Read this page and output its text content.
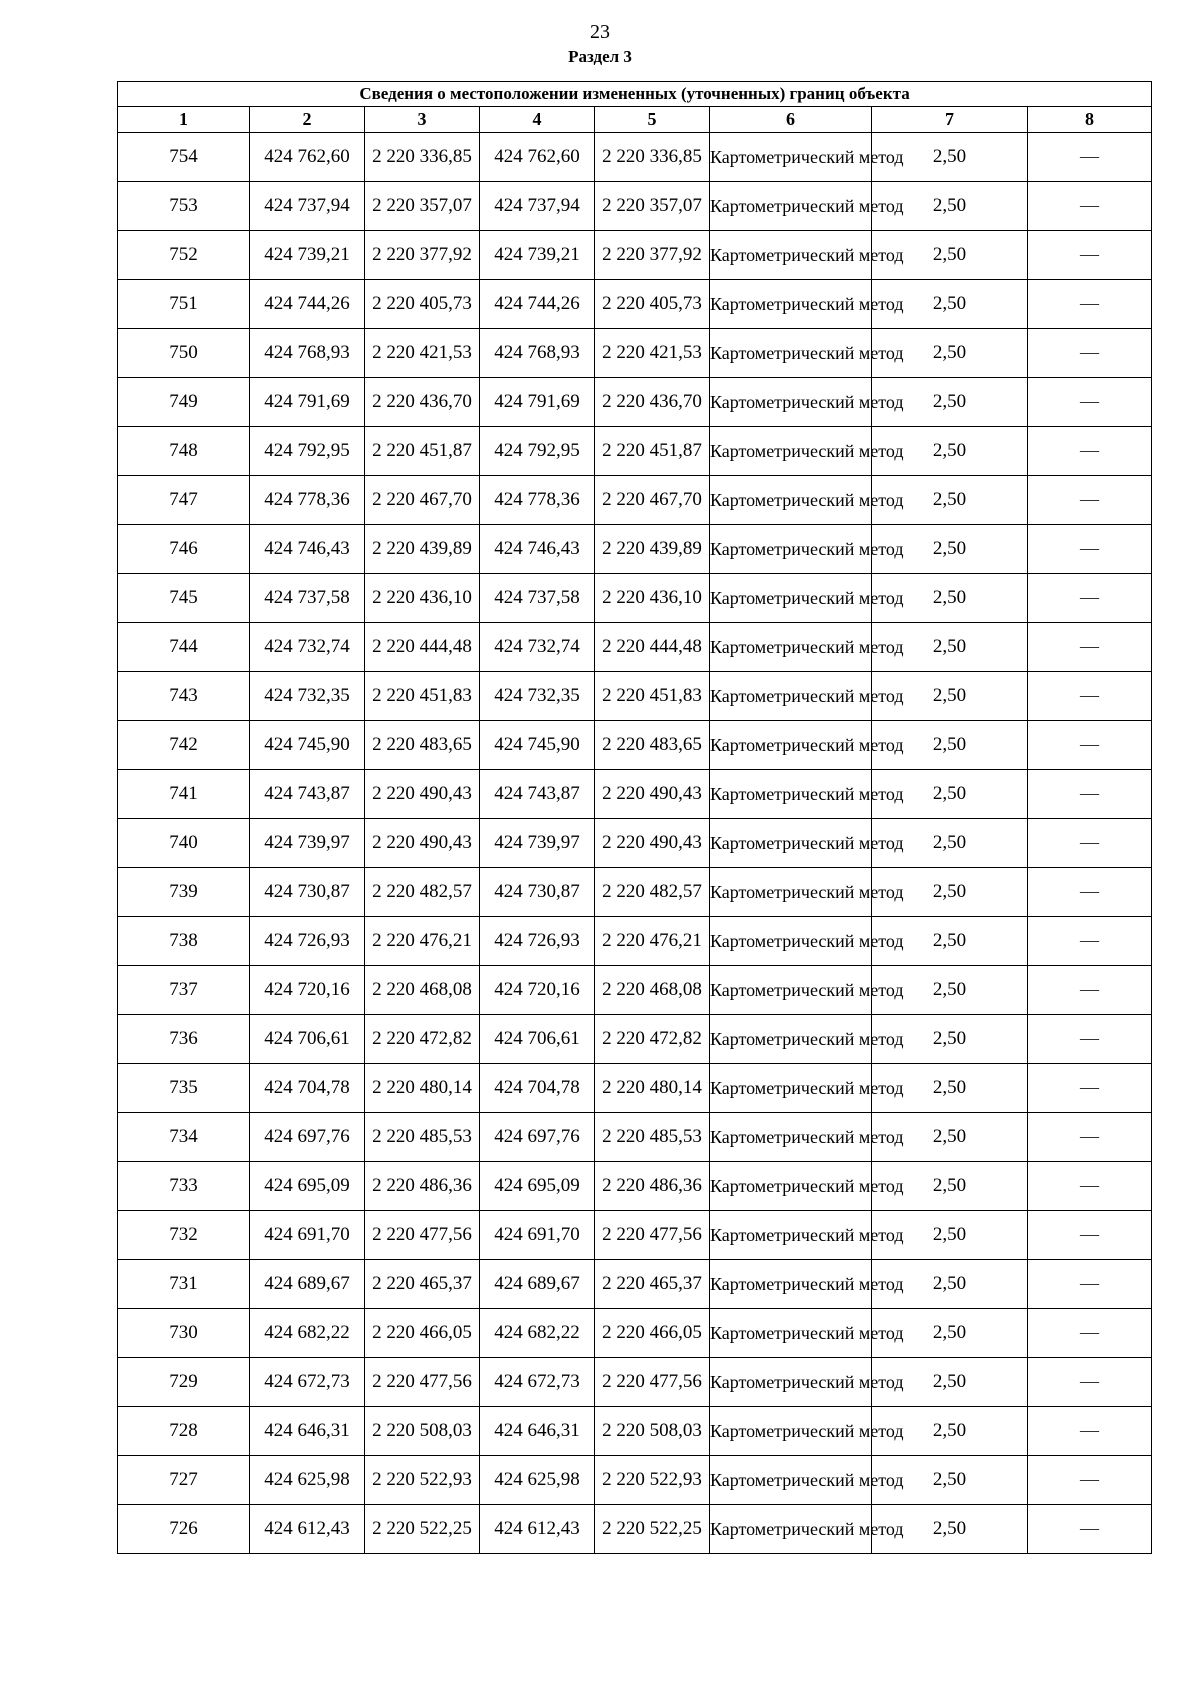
23
Раздел 3
Сведения о местоположении измененных (уточненных) границ объекта							
1	2	3	4	5	6	7	8
754	424 762,60	2 220 336,85	424 762,60	2 220 336,85	Картометрический метод	2,50	—
753	424 737,94	2 220 357,07	424 737,94	2 220 357,07	Картометрический метод	2,50	—
752	424 739,21	2 220 377,92	424 739,21	2 220 377,92	Картометрический метод	2,50	—
751	424 744,26	2 220 405,73	424 744,26	2 220 405,73	Картометрический метод	2,50	—
750	424 768,93	2 220 421,53	424 768,93	2 220 421,53	Картометрический метод	2,50	—
749	424 791,69	2 220 436,70	424 791,69	2 220 436,70	Картометрический метод	2,50	—
748	424 792,95	2 220 451,87	424 792,95	2 220 451,87	Картометрический метод	2,50	—
747	424 778,36	2 220 467,70	424 778,36	2 220 467,70	Картометрический метод	2,50	—
746	424 746,43	2 220 439,89	424 746,43	2 220 439,89	Картометрический метод	2,50	—
745	424 737,58	2 220 436,10	424 737,58	2 220 436,10	Картометрический метод	2,50	—
744	424 732,74	2 220 444,48	424 732,74	2 220 444,48	Картометрический метод	2,50	—
743	424 732,35	2 220 451,83	424 732,35	2 220 451,83	Картометрический метод	2,50	—
742	424 745,90	2 220 483,65	424 745,90	2 220 483,65	Картометрический метод	2,50	—
741	424 743,87	2 220 490,43	424 743,87	2 220 490,43	Картометрический метод	2,50	—
740	424 739,97	2 220 490,43	424 739,97	2 220 490,43	Картометрический метод	2,50	—
739	424 730,87	2 220 482,57	424 730,87	2 220 482,57	Картометрический метод	2,50	—
738	424 726,93	2 220 476,21	424 726,93	2 220 476,21	Картометрический метод	2,50	—
737	424 720,16	2 220 468,08	424 720,16	2 220 468,08	Картометрический метод	2,50	—
736	424 706,61	2 220 472,82	424 706,61	2 220 472,82	Картометрический метод	2,50	—
735	424 704,78	2 220 480,14	424 704,78	2 220 480,14	Картометрический метод	2,50	—
734	424 697,76	2 220 485,53	424 697,76	2 220 485,53	Картометрический метод	2,50	—
733	424 695,09	2 220 486,36	424 695,09	2 220 486,36	Картометрический метод	2,50	—
732	424 691,70	2 220 477,56	424 691,70	2 220 477,56	Картометрический метод	2,50	—
731	424 689,67	2 220 465,37	424 689,67	2 220 465,37	Картометрический метод	2,50	—
730	424 682,22	2 220 466,05	424 682,22	2 220 466,05	Картометрический метод	2,50	—
729	424 672,73	2 220 477,56	424 672,73	2 220 477,56	Картометрический метод	2,50	—
728	424 646,31	2 220 508,03	424 646,31	2 220 508,03	Картометрический метод	2,50	—
727	424 625,98	2 220 522,93	424 625,98	2 220 522,93	Картометрический метод	2,50	—
726	424 612,43	2 220 522,25	424 612,43	2 220 522,25	Картометрический метод	2,50	—
